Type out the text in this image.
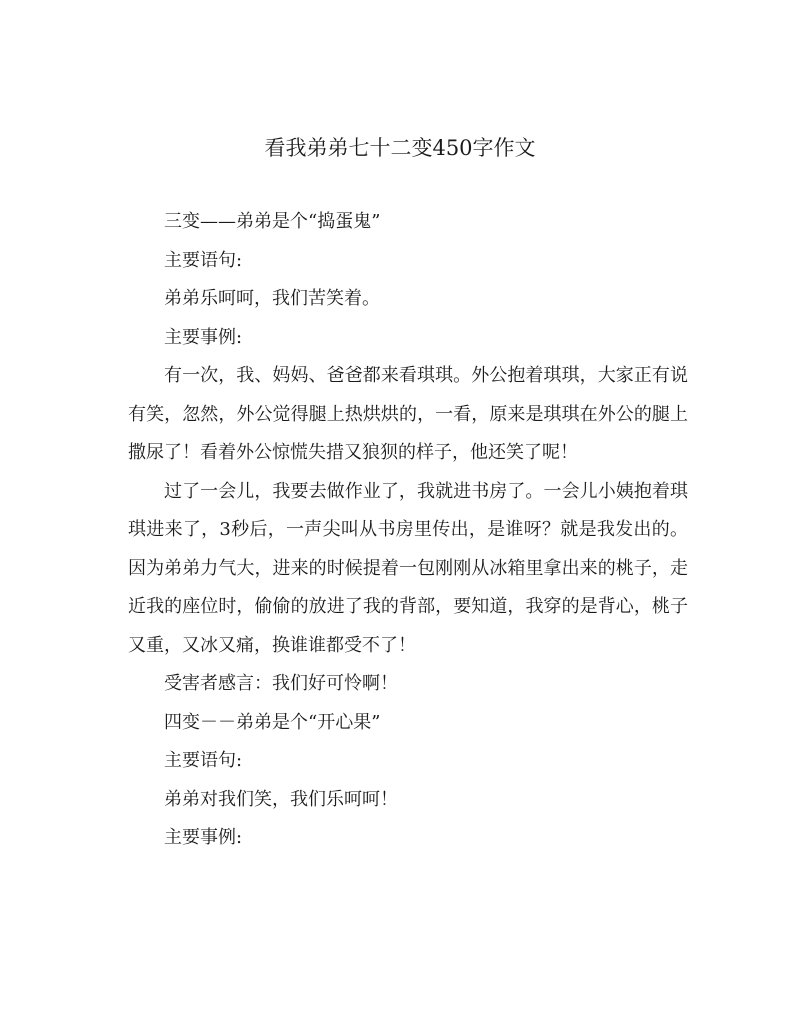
看我弟弟七十二变450字作文

三变——弟弟是个“捣蛋鬼”

主要语句:

弟弟乐呵呵，我们苦笑着。

主要事例:

有一次，我、妈妈、爸爸都来看琪琪。外公抱着琪琪，大家正有说有笑，忽然，外公觉得腿上热烘烘的，一看，原来是琪琪在外公的腿上撒尿了！看着外公惊慌失措又狼狈的样子，他还笑了呢！

过了一会儿，我要去做作业了，我就进书房了。一会儿小姨抱着琪琪进来了，3秒后，一声尖叫从书房里传出，是谁呀？就是我发出的。因为弟弟力气大，进来的时候提着一包刚刚从冰箱里拿出来的桃子，走近我的座位时，偷偷的放进了我的背部，要知道，我穿的是背心，桃子又重，又冰又痛，换谁谁都受不了！

受害者感言：我们好可怜啊！

四变－－弟弟是个“开心果”

主要语句:

弟弟对我们笑，我们乐呵呵！

主要事例:
